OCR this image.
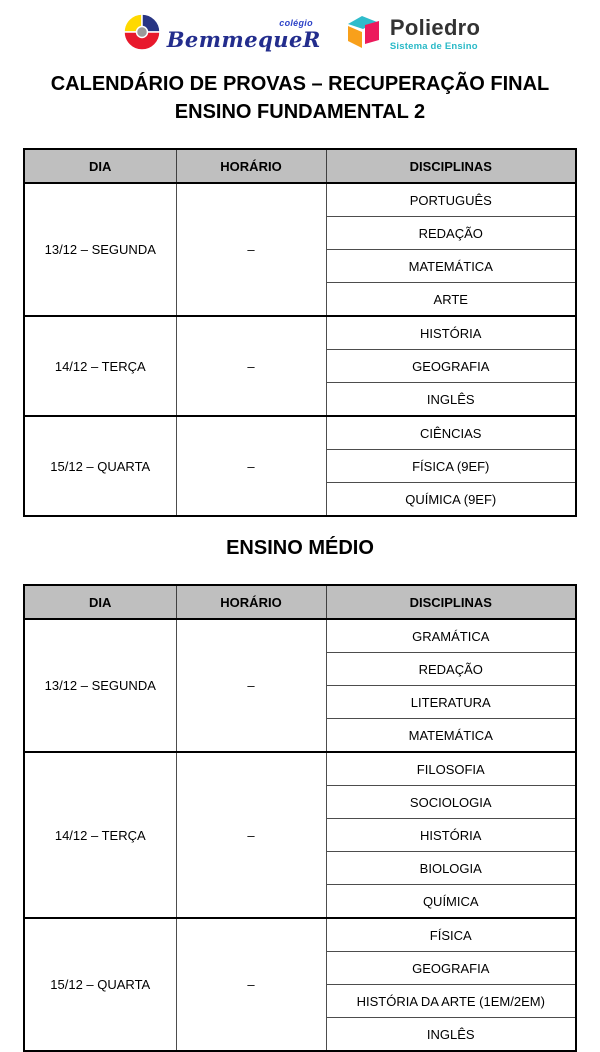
colégio
BemmequeR	Poliedro
Sistema de Ensino
CALENDÁRIO DE PROVAS – RECUPERAÇÃO FINAL
ENSINO FUNDAMENTAL 2
DIA	HORÁRIO	DISCIPLINAS
13/12 – SEGUNDA	–	PORTUGUÊS
		REDAÇÃO
		MATEMÁTICA
		ARTE
14/12 – TERÇA	–	HISTÓRIA
		GEOGRAFIA
		INGLÊS
15/12 – QUARTA	–	CIÊNCIAS
		FÍSICA (9EF)
		QUÍMICA (9EF)
ENSINO MÉDIO
DIA	HORÁRIO	DISCIPLINAS
13/12 – SEGUNDA	–	GRAMÁTICA
		REDAÇÃO
		LITERATURA
		MATEMÁTICA
14/12 – TERÇA	–	FILOSOFIA
		SOCIOLOGIA
		HISTÓRIA
		BIOLOGIA
		QUÍMICA
15/12 – QUARTA	–	FÍSICA
		GEOGRAFIA
		HISTÓRIA DA ARTE (1EM/2EM)
		INGLÊS
